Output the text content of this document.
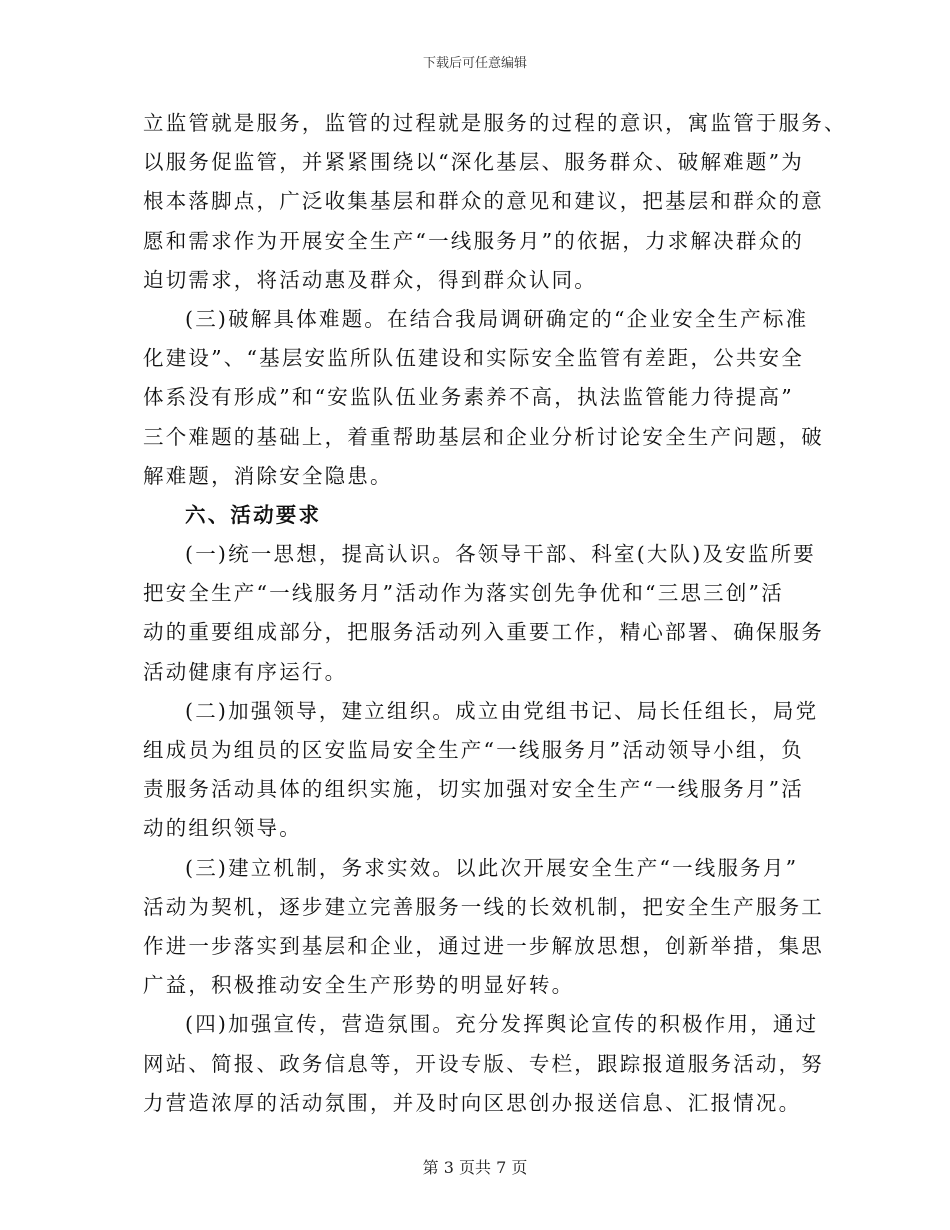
下载后可任意编辑
立监管就是服务，监管的过程就是服务的过程的意识，寓监管于服务、
以服务促监管，并紧紧围绕以“深化基层、服务群众、破解难题”为
根本落脚点，广泛收集基层和群众的意见和建议，把基层和群众的意
愿和需求作为开展安全生产“一线服务月”的依据，力求解决群众的
迫切需求，将活动惠及群众，得到群众认同。
(三)破解具体难题。在结合我局调研确定的“企业安全生产标准
化建设”、“基层安监所队伍建设和实际安全监管有差距，公共安全
体系没有形成”和“安监队伍业务素养不高，执法监管能力待提高”
三个难题的基础上，着重帮助基层和企业分析讨论安全生产问题，破
解难题，消除安全隐患。
六、活动要求
(一)统一思想，提高认识。各领导干部、科室(大队)及安监所要
把安全生产“一线服务月”活动作为落实创先争优和“三思三创”活
动的重要组成部分，把服务活动列入重要工作，精心部署、确保服务
活动健康有序运行。
(二)加强领导，建立组织。成立由党组书记、局长任组长，局党
组成员为组员的区安监局安全生产“一线服务月”活动领导小组，负
责服务活动具体的组织实施，切实加强对安全生产“一线服务月”活
动的组织领导。
(三)建立机制，务求实效。以此次开展安全生产“一线服务月”
活动为契机，逐步建立完善服务一线的长效机制，把安全生产服务工
作进一步落实到基层和企业，通过进一步解放思想，创新举措，集思
广益，积极推动安全生产形势的明显好转。
(四)加强宣传，营造氛围。充分发挥舆论宣传的积极作用，通过
网站、简报、政务信息等，开设专版、专栏，跟踪报道服务活动，努
力营造浓厚的活动氛围，并及时向区思创办报送信息、汇报情况。
第 3 页共 7 页
